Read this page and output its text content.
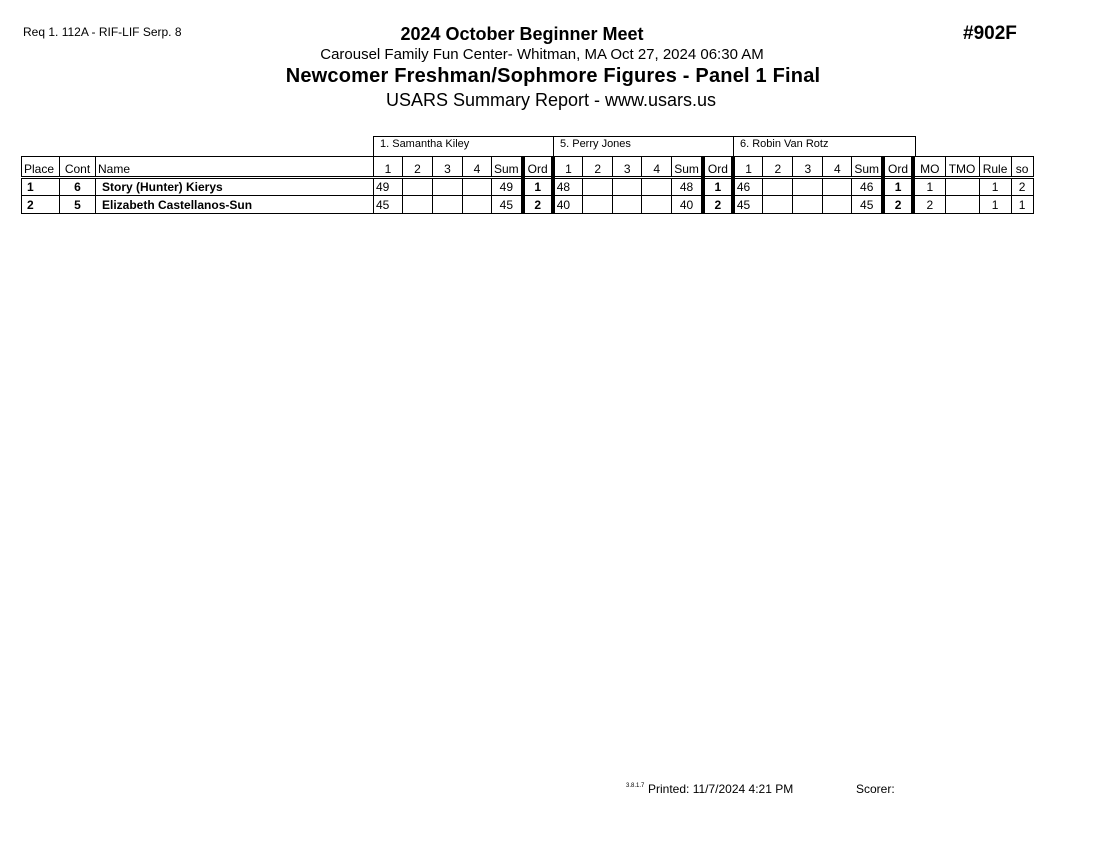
Req 1. 112A - RIF-LIF Serp. 8	#902F
2024 October Beginner Meet
Carousel Family Fun Center- Whitman, MA Oct 27, 2024 06:30 AM
Newcomer Freshman/Sophmore Figures - Panel 1 Final
USARS Summary Report - www.usars.us
1. Samantha Kiley	5. Perry Jones	6. Robin Van Rotz
Place	Cont	Name	1	2	3	4	Sum	Ord	1	2	3	4	Sum	Ord	1	2	3	4	Sum	Ord	MO	TMO	Rule	so
1	6	Story (Hunter) Kierys	49				49	1	48				48	1	46				46	1	1		1	2
2	5	Elizabeth Castellanos-Sun	45				45	2	40				40	2	45				45	2	2		1	1
3.8.1.7 Printed: 11/7/2024 4:21 PM	Scorer:
